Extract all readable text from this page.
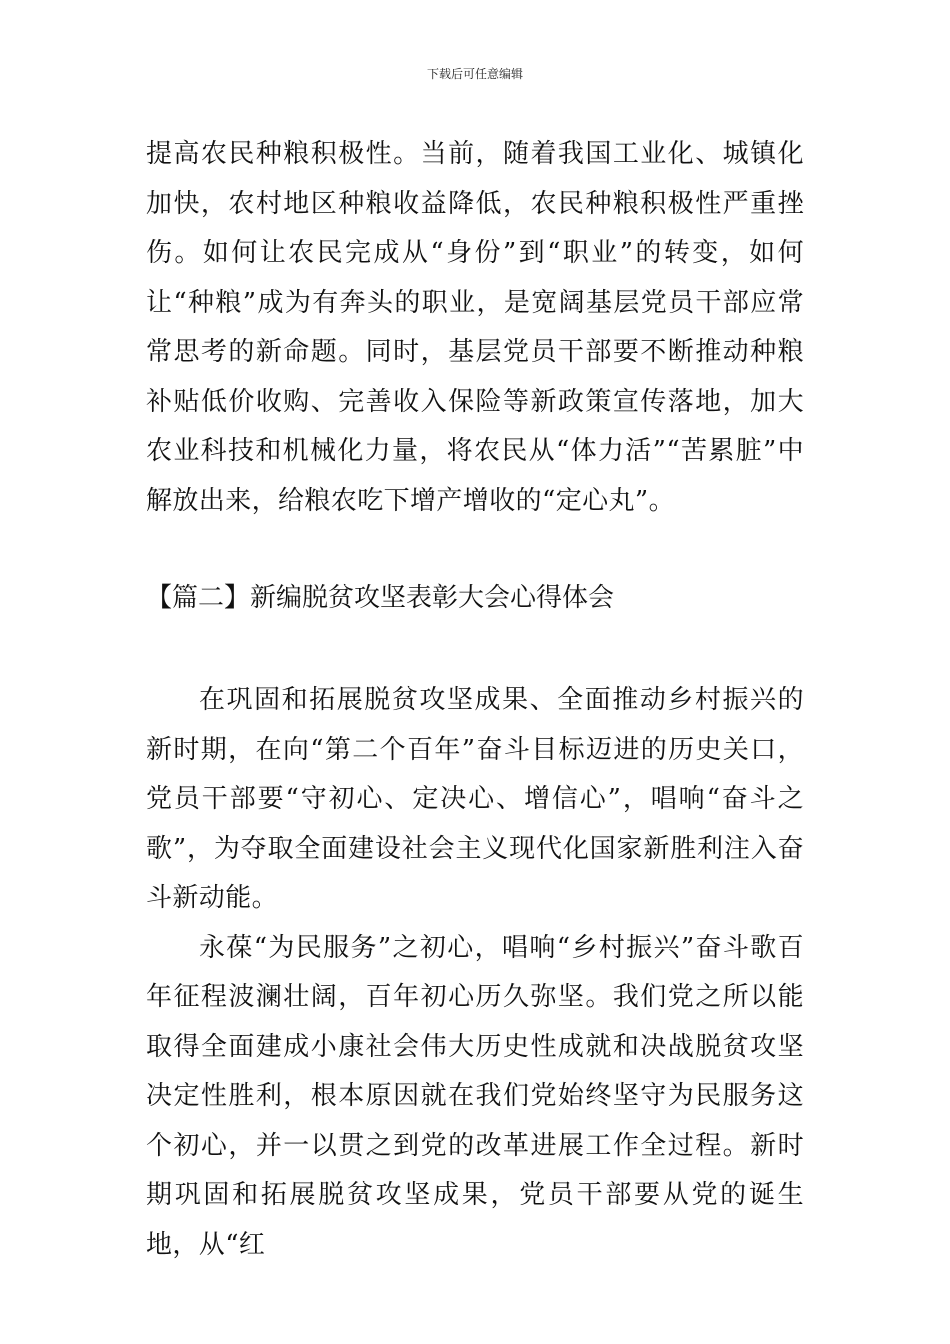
下载后可任意编辑

提高农民种粮积极性。当前，随着我国工业化、城镇化加快，农村地区种粮收益降低，农民种粮积极性严重挫伤。如何让农民完成从“身份”到“职业”的转变，如何让“种粮”成为有奔头的职业，是宽阔基层党员干部应常常思考的新命题。同时，基层党员干部要不断推动种粮补贴低价收购、完善收入保险等新政策宣传落地，加大农业科技和机械化力量，将农民从“体力活”“苦累脏”中解放出来，给粮农吃下增产增收的“定心丸”。

【篇二】新编脱贫攻坚表彰大会心得体会

在巩固和拓展脱贫攻坚成果、全面推动乡村振兴的新时期，在向“第二个百年”奋斗目标迈进的历史关口，党员干部要“守初心、定决心、增信心”，唱响“奋斗之歌”，为夺取全面建设社会主义现代化国家新胜利注入奋斗新动能。

永葆“为民服务”之初心，唱响“乡村振兴”奋斗歌百年征程波澜壮阔，百年初心历久弥坚。我们党之所以能取得全面建成小康社会伟大历史性成就和决战脱贫攻坚决定性胜利，根本原因就在我们党始终坚守为民服务这个初心，并一以贯之到党的改革进展工作全过程。新时期巩固和拓展脱贫攻坚成果，党员干部要从党的诞生地，从“红
